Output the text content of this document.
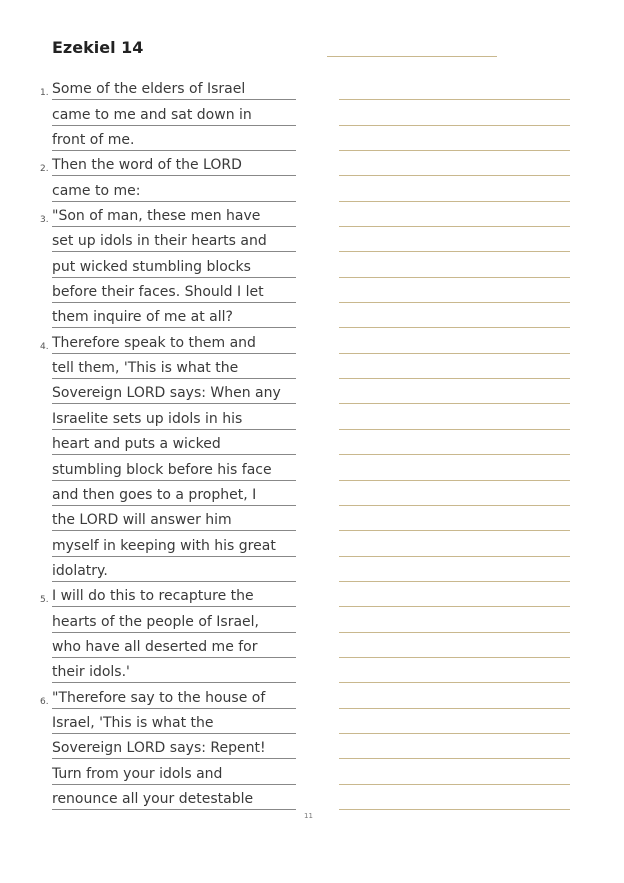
Ezekiel 14
1. Some of the elders of Israel
came to me and sat down in
front of me.
2. Then the word of the LORD
came to me:
3. "Son of man, these men have
set up idols in their hearts and
put wicked stumbling blocks
before their faces. Should I let
them inquire of me at all?
4. Therefore speak to them and
tell them, 'This is what the
Sovereign LORD says: When any
Israelite sets up idols in his
heart and puts a wicked
stumbling block before his face
and then goes to a prophet, I
the LORD will answer him
myself in keeping with his great
idolatry.
5. I will do this to recapture the
hearts of the people of Israel,
who have all deserted me for
their idols.'
6. "Therefore say to the house of
Israel, 'This is what the
Sovereign LORD says: Repent!
Turn from your idols and
renounce all your detestable
11
